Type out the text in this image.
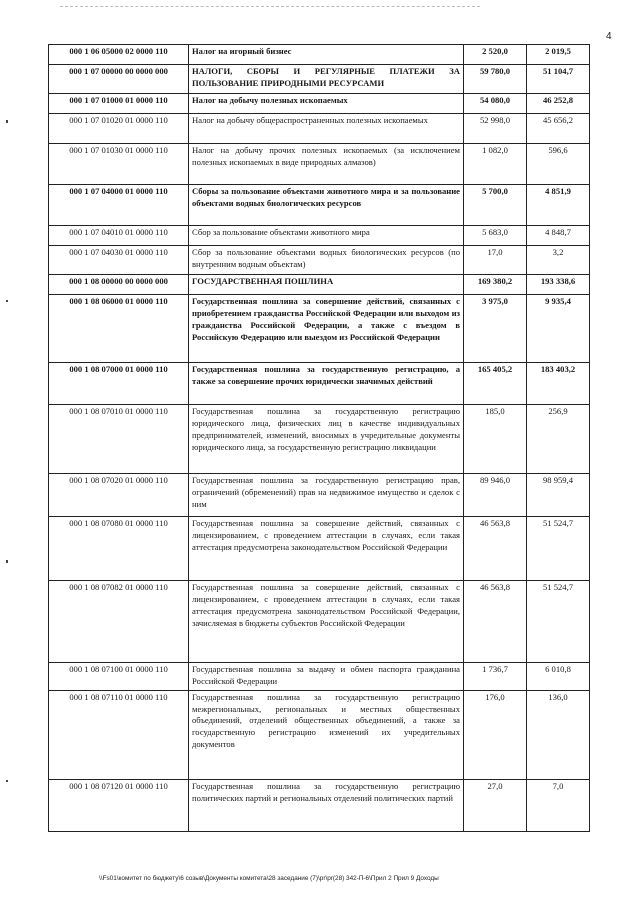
4
000 1 06 05000 02 0000 110	Налог на игорный бизнес	2 520,0	2 019,5
000 1 07 00000 00 0000 000	НАЛОГИ, СБОРЫ И РЕГУЛЯРНЫЕ ПЛАТЕЖИ ЗА ПОЛЬЗОВАНИЕ ПРИРОДНЫМИ РЕСУРСАМИ	59 780,0	51 104,7
000 1 07 01000 01 0000 110	Налог на добычу полезных ископаемых	54 080,0	46 252,8
000 1 07 01020 01 0000 110	Налог на добычу общераспространенных полезных ископаемых	52 998,0	45 656,2
000 1 07 01030 01 0000 110	Налог на добычу прочих полезных ископаемых (за исключением полезных ископаемых в виде природных алмазов)	1 082,0	596,6
000 1 07 04000 01 0000 110	Сборы за пользование объектами животного мира и за пользование объектами водных биологических ресурсов	5 700,0	4 851,9
000 1 07 04010 01 0000 110	Сбор за пользование объектами животного мира	5 683,0	4 848,7
000 1 07 04030 01 0000 110	Сбор за пользование объектами водных биологических ресурсов (по внутренним водным объектам)	17,0	3,2
000 1 08 00000 00 0000 000	ГОСУДАРСТВЕННАЯ ПОШЛИНА	169 380,2	193 338,6
000 1 08 06000 01 0000 110	Государственная пошлина за совершение действий, связанных с приобретением гражданства Российской Федерации или выходом из гражданства Российской Федерации, а также с въездом в Российскую Федерацию или выездом из Российской Федерации	3 975,0	9 935,4
000 1 08 07000 01 0000 110	Государственная пошлина за государственную регистрацию, а также за совершение прочих юридически значимых действий	165 405,2	183 403,2
000 1 08 07010 01 0000 110	Государственная пошлина за государственную регистрацию юридического лица, физических лиц в качестве индивидуальных предпринимателей, изменений, вносимых в учредительные документы юридического лица, за государственную регистрацию ликвидации	185,0	256,9
000 1 08 07020 01 0000 110	Государственная пошлина за государственную регистрацию прав, ограничений (обременений) прав на недвижимое имущество и сделок с ним	89 946,0	98 959,4
000 1 08 07080 01 0000 110	Государственная пошлина за совершение действий, связанных с лицензированием, с проведением аттестации в случаях, если такая аттестация предусмотрена законодательством Российской Федерации	46 563,8	51 524,7
000 1 08 07082 01 0000 110	Государственная пошлина за совершение действий, связанных с лицензированием, с проведением аттестации в случаях, если такая аттестация предусмотрена законодательством Российской Федерации, зачисляемая в бюджеты субъектов Российской Федерации	46 563,8	51 524,7
000 1 08 07100 01 0000 110	Государственная пошлина за выдачу и обмен паспорта гражданина Российской Федерации	1 736,7	6 010,8
000 1 08 07110 01 0000 110	Государственная пошлина за государственную регистрацию межрегиональных, региональных и местных общественных объединений, отделений общественных объединений, а также за государственную регистрацию изменений их учредительных документов	176,0	136,0
000 1 08 07120 01 0000 110	Государственная пошлина за государственную регистрацию политических партий и региональных отделений политических партий	27,0	7,0
\\Fs01\комитет по бюджету\6 созыв\Документы комитета\28 заседание (7)\pr\pr(28) 342-П-6\Прил 2 Прил 9 Доходы
